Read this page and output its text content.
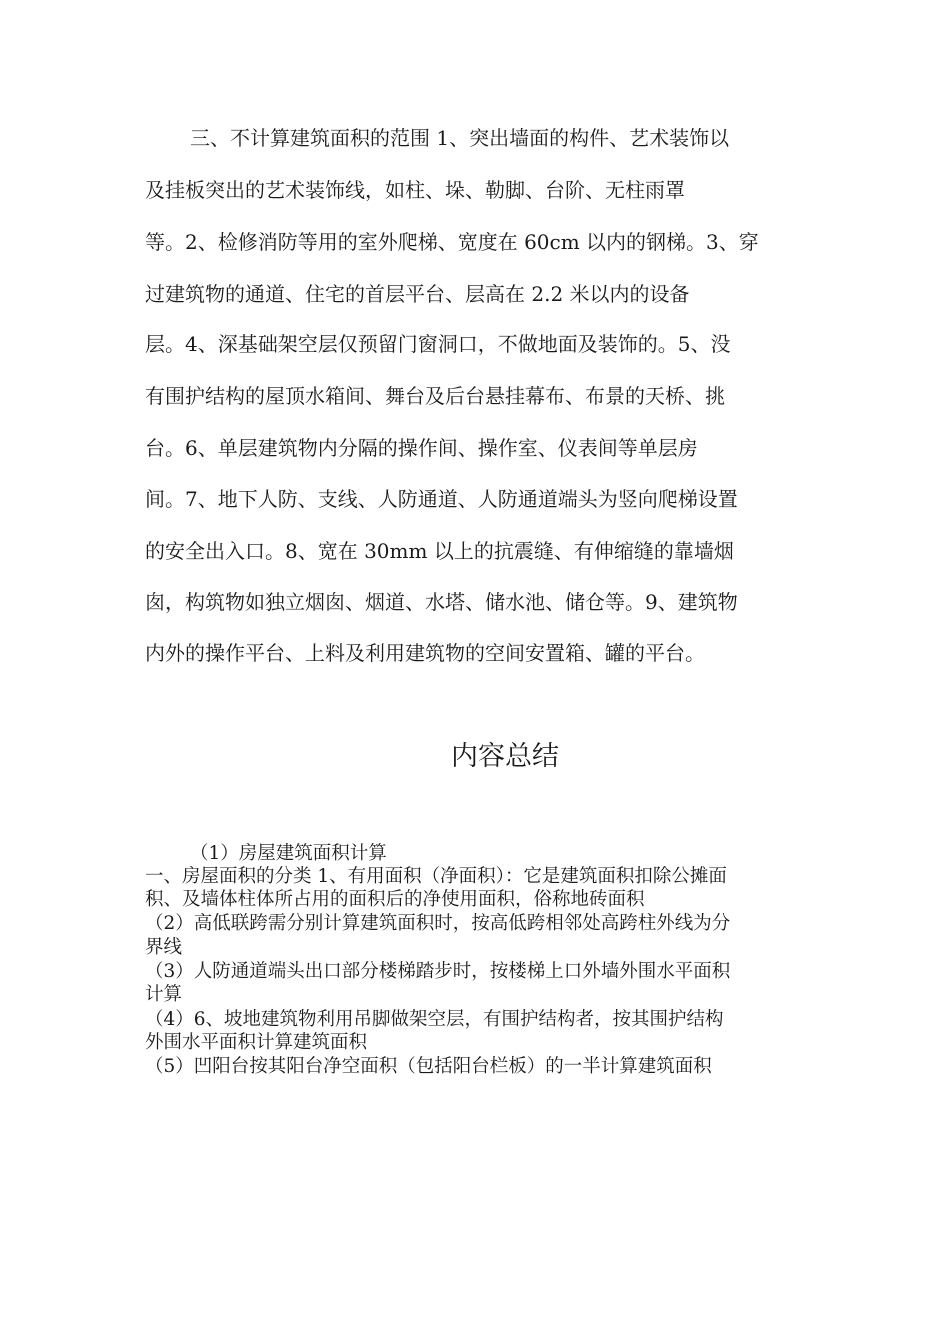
三、不计算建筑面积的范围 1、突出墙面的构件、艺术装饰以
及挂板突出的艺术装饰线，如柱、垛、勒脚、台阶、无柱雨罩
等。2、检修消防等用的室外爬梯、宽度在 60cm 以内的钢梯。3、穿
过建筑物的通道、住宅的首层平台、层高在 2.2 米以内的设备
层。4、深基础架空层仅预留门窗洞口，不做地面及装饰的。5、没
有围护结构的屋顶水箱间、舞台及后台悬挂幕布、布景的天桥、挑
台。6、单层建筑物内分隔的操作间、操作室、仪表间等单层房
间。7、地下人防、支线、人防通道、人防通道端头为竖向爬梯设置
的安全出入口。8、宽在 30mm 以上的抗震缝、有伸缩缝的靠墙烟
囱，构筑物如独立烟囱、烟道、水塔、储水池、储仓等。9、建筑物
内外的操作平台、上料及利用建筑物的空间安置箱、罐的平台。
内容总结
（1）房屋建筑面积计算
一、房屋面积的分类 1、有用面积（净面积）：它是建筑面积扣除公摊面
积、及墙体柱体所占用的面积后的净使用面积，俗称地砖面积
（2）高低联跨需分别计算建筑面积时，按高低跨相邻处高跨柱外线为分
界线
（3）人防通道端头出口部分楼梯踏步时，按楼梯上口外墙外围水平面积
计算
（4）6、坡地建筑物利用吊脚做架空层，有围护结构者，按其围护结构
外围水平面积计算建筑面积
（5）凹阳台按其阳台净空面积（包括阳台栏板）的一半计算建筑面积
